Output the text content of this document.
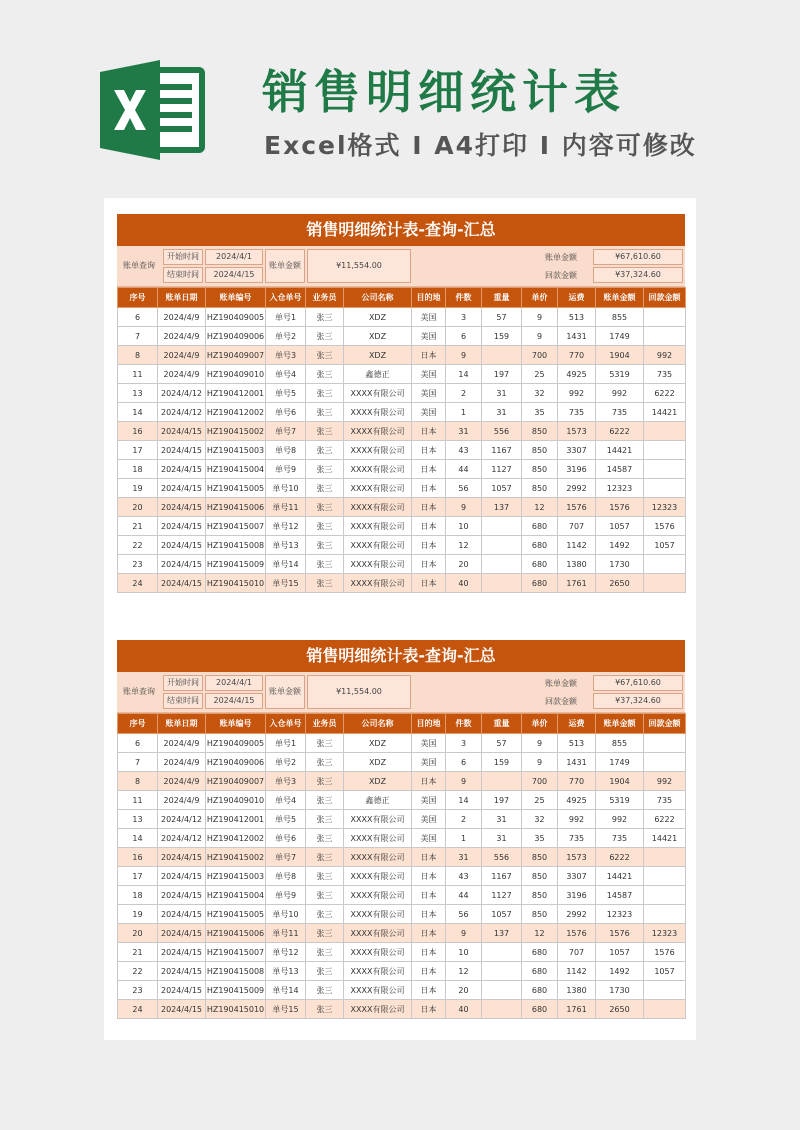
销售明细统计表
Excel格式 I A4打印 I 内容可修改
销售明细统计表-查询-汇总
账单查询
开始时间	2024/4/1
结束时间	2024/4/15
账单金额	¥11,554.00
账单金额	¥67,610.60
回款金额	¥37,324.60
序号	账单日期	账单编号	入仓单号	业务员	公司名称	目的地	件数	重量	单价	运费	账单金额	回款金额
6	2024/4/9	HZ190409005	单号1	张三	XDZ	美国	3	57	9	513	855	
7	2024/4/9	HZ190409006	单号2	张三	XDZ	美国	6	159	9	1431	1749	
8	2024/4/9	HZ190409007	单号3	张三	XDZ	日本	9		700	770	1904	992
11	2024/4/9	HZ190409010	单号4	张三	鑫德正	美国	14	197	25	4925	5319	735
13	2024/4/12	HZ190412001	单号5	张三	XXXX有限公司	美国	2	31	32	992	992	6222
14	2024/4/12	HZ190412002	单号6	张三	XXXX有限公司	美国	1	31	35	735	735	14421
16	2024/4/15	HZ190415002	单号7	张三	XXXX有限公司	日本	31	556	850	1573	6222	
17	2024/4/15	HZ190415003	单号8	张三	XXXX有限公司	日本	43	1167	850	3307	14421	
18	2024/4/15	HZ190415004	单号9	张三	XXXX有限公司	日本	44	1127	850	3196	14587	
19	2024/4/15	HZ190415005	单号10	张三	XXXX有限公司	日本	56	1057	850	2992	12323	
20	2024/4/15	HZ190415006	单号11	张三	XXXX有限公司	日本	9	137	12	1576	1576	12323
21	2024/4/15	HZ190415007	单号12	张三	XXXX有限公司	日本	10		680	707	1057	1576
22	2024/4/15	HZ190415008	单号13	张三	XXXX有限公司	日本	12		680	1142	1492	1057
23	2024/4/15	HZ190415009	单号14	张三	XXXX有限公司	日本	20		680	1380	1730	
24	2024/4/15	HZ190415010	单号15	张三	XXXX有限公司	日本	40		680	1761	2650	
销售明细统计表-查询-汇总
账单查询
开始时间	2024/4/1
结束时间	2024/4/15
账单金额	¥11,554.00
账单金额	¥67,610.60
回款金额	¥37,324.60
序号	账单日期	账单编号	入仓单号	业务员	公司名称	目的地	件数	重量	单价	运费	账单金额	回款金额
6	2024/4/9	HZ190409005	单号1	张三	XDZ	美国	3	57	9	513	855	
7	2024/4/9	HZ190409006	单号2	张三	XDZ	美国	6	159	9	1431	1749	
8	2024/4/9	HZ190409007	单号3	张三	XDZ	日本	9		700	770	1904	992
11	2024/4/9	HZ190409010	单号4	张三	鑫德正	美国	14	197	25	4925	5319	735
13	2024/4/12	HZ190412001	单号5	张三	XXXX有限公司	美国	2	31	32	992	992	6222
14	2024/4/12	HZ190412002	单号6	张三	XXXX有限公司	美国	1	31	35	735	735	14421
16	2024/4/15	HZ190415002	单号7	张三	XXXX有限公司	日本	31	556	850	1573	6222	
17	2024/4/15	HZ190415003	单号8	张三	XXXX有限公司	日本	43	1167	850	3307	14421	
18	2024/4/15	HZ190415004	单号9	张三	XXXX有限公司	日本	44	1127	850	3196	14587	
19	2024/4/15	HZ190415005	单号10	张三	XXXX有限公司	日本	56	1057	850	2992	12323	
20	2024/4/15	HZ190415006	单号11	张三	XXXX有限公司	日本	9	137	12	1576	1576	12323
21	2024/4/15	HZ190415007	单号12	张三	XXXX有限公司	日本	10		680	707	1057	1576
22	2024/4/15	HZ190415008	单号13	张三	XXXX有限公司	日本	12		680	1142	1492	1057
23	2024/4/15	HZ190415009	单号14	张三	XXXX有限公司	日本	20		680	1380	1730	
24	2024/4/15	HZ190415010	单号15	张三	XXXX有限公司	日本	40		680	1761	2650	
